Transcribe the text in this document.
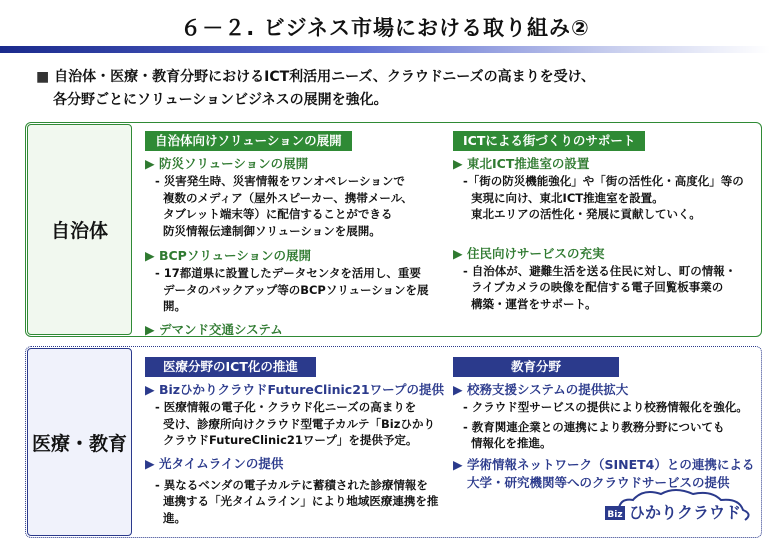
６－２. ビジネス市場における取り組み②
■ 自治体・医療・教育分野におけるICT利活用ニーズ、クラウドニーズの高まりを受け、
各分野ごとにソリューションビジネスの展開を強化。
自治体
自治体向けソリューションの展開
▶ 防災ソリューションの展開
- 災害発生時、災害情報をワンオペレーションで
複数のメディア（屋外スピーカー、携帯メール、
タブレット端末等）に配信することができる
防災情報伝達制御ソリューションを展開。
▶ BCPソリューションの展開
- 17都道県に設置したデータセンタを活用し、重要
データのバックアップ等のBCPソリューションを展開。
▶ デマンド交通システム
ICTによる街づくりのサポート
▶ 東北ICT推進室の設置
-「街の防災機能強化」や「街の活性化・高度化」等の
実現に向け、東北ICT推進室を設置。
東北エリアの活性化・発展に貢献していく。
▶ 住民向けサービスの充実
- 自治体が、避難生活を送る住民に対し、町の情報・
ライブカメラの映像を配信する電子回覧板事業の
構築・運営をサポート。
医療・教育
医療分野のICT化の推進
▶ BizひかりクラウドFutureClinic21ワープの提供
- 医療情報の電子化・クラウド化ニーズの高まりを
受け、診療所向けクラウド型電子カルテ「Bizひかり
クラウドFutureClinic21ワープ」を提供予定。
▶ 光タイムラインの提供
- 異なるベンダの電子カルテに蓄積された診療情報を
連携する「光タイムライン」により地域医療連携を推進。
教育分野
▶ 校務支援システムの提供拡大
- クラウド型サービスの提供により校務情報化を強化。
- 教育関連企業との連携により教務分野についても
情報化を推進。
▶ 学術情報ネットワーク（SINET4）との連携による
大学・研究機関等へのクラウドサービスの提供
Biz ひかりクラウド
